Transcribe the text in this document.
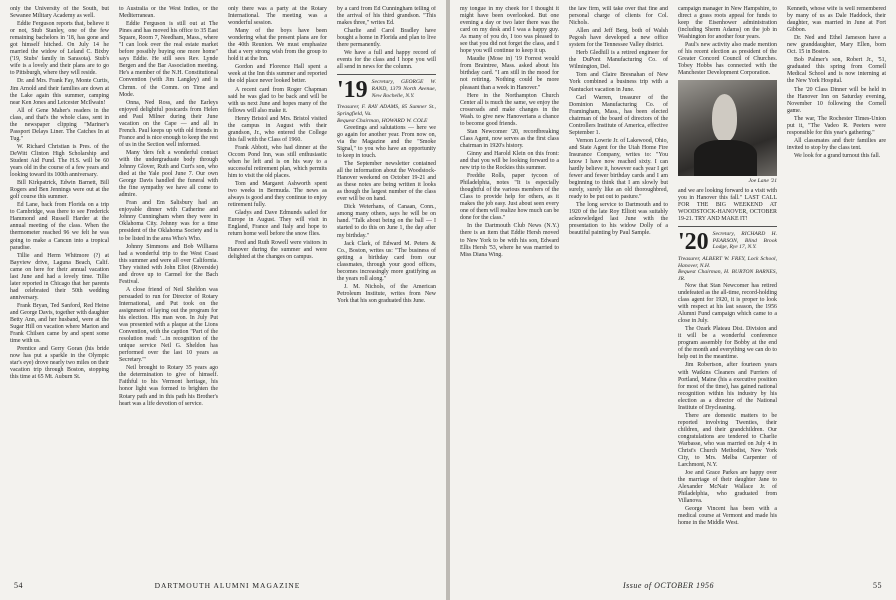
only the University of the South, but Sewanee Military Academy as well.

Eddie Ferguson reports that, believe it or not, Stub Stanley, one of the few remaining bachelors in '18, has gone and got himself hitched. On July 14 he married the widow of Leland C. Bixby ('19, Stubs' family in Sarasota). Stub's wife is a lovely and their plans are to go to Pittsburgh, where they will reside.

Dr. and Mrs. Frank Fay, Monte Curtis, Jim Arnold and their families are down at the Lake again this summer, camping near Ken Jones and Leicester McIlwain!

All of Gene Maher's readers in the class, and that's the whole class, sent in the newspaper clipping "Mariner's Passport Delays Liner. The Catches In at Tug."

W. Richard Christian is Pres. of the DeWitt Clinton High Scholarship and Student Aid Fund. The H.S. will be 60 years old in the course of a few years and looking toward its 100th anniversary.

Bill Kirkpatrick, Edwin Barnett, Bill Rogers and Ben Jennings were out at the golf course this summer.

Ed Lane, back from Florida on a trip to Cambridge, was there to see Frederick Hammond and Russell Harder at the annual meeting of the class. When the thermometer reached 96 we felt he was going to make a Cancun into a tropical paradise.

Tillie and Herm Whitmore (?) at Bayview drive, Laguna Beach, Calif. came on here for their annual vacation last June and had a lovely time. Tillie later reported in Chicago that her parents had celebrated their 50th wedding anniversary.

Frank Bryan, Ted Sanford, Red Heine and George Davis, together with daughter Betty Ann, and her husband, were at the Sugar Hill on vacation where Marion and Frank Chilsen came by and spent some time with us.

Prentice and Gerry Goran (his bride now has put a sparkle in the Olympic star's eye) drove nearly two miles on their vacation trip through Boston, stopping this time at 65 Mt. Auburn St.

to Australia or the West Indies, or the Mediterranean.

Eddie Ferguson is still out at The Pines and has moved his office to 35 East Square, Room 7, Needham, Mass., where "I can look over the real estate market before possibly buying one more home" says Eddie. He still sees Rev. Lynde Bergen and the Bar Association meeting. He's a member of the N.H. Constitutional Convention (with Jim Langley) and is Chrmn. of the Comm. on Time and Mode.

Onna, Ned Ross, and the Earleys enjoyed delightful postcards from Helen and Paul Milner during their June vacation on the Cape — and all in French. Paul keeps up with old friends in France and is nice enough to keep the rest of us in the Section well informed.

Many 'ders felt a wonderful contact with the undergraduate body through Johnny Glover, Ruth and Curt's son, who died at the Yale pool June 7. Our own George Davis handled the funeral with the fine sympathy we have all come to admire.

Fran and Em Salisbury had an enjoyable dinner with Catherine and Johnny Cunningham when they were in Oklahoma City. Johnny was for a time president of the Oklahoma Society and is to be listed in the area Who's Who.

Johnny Simmons and Bob Williams had a wonderful trip to the West Coast this summer and were all over California. They visited with John Eliot (Riverside) and drove up to Carmel for the Bach Festival.

A close friend of Neil Sheldon was persuaded to run for Director of Rotary International, and Put took on the assignment of laying out the program for his election. His man won. In July Put was presented with a plaque at the Lions Convention, with the caption "Part of the resolution read: '...in recognition of the unique service Neil G. Sheldon has performed over the last 10 years as Secretary.'"

Neil brought to Rotary 35 years ago the determination to give of himself. Faithful to his Vermont heritage, his honor light was formed to brighten the Rotary path and in this path his Brother's heart was a life devotion of service.

only there was a party at the Rotary International. The meeting was a wonderful session.

Many of the boys have been wondering what the present plans are for the 40th Reunion. We must emphasize that a very strong wish from the group to hold it at the Inn.

Gordon and Florence Hall spent a week at the Inn this summer and reported the old place never looked better.

A recent card from Roger Chapman said he was glad to be back and will be with us next June and hopes many of the fellows will also make it.

Henry Bristol and Mrs. Bristol visited the campus in August with their grandson, Jr., who entered the College this fall with the Class of 1960.

Frank Abbott, who had dinner at the Occom Pond Inn, was still enthusiastic when he left and is on his way to a successful retirement plan, which permits him to visit the old places.

Tom and Margaret Ashworth spent two weeks in Bermuda. The news as always is good and they continue to enjoy retirement fully.

Gladys and Dave Edmunds sailed for Europe in August. They will visit in England, France and Italy and hope to return home well before the snow flies.

Fred and Ruth Rowell were visitors in Hanover during the summer and were delighted at the changes on campus.

by a card from Ed Cunningham telling of the arrival of his third grandson. "This makes three," writes Ed.

Charlie and Carol Bradley have bought a home in Florida and plan to live there permanently.

We have a full and happy record of events for the class and I hope you will all send in news for the column.

'19 Secretary, GEORGE W. RAND, 1379 North Avenue, New Rochelle, N.Y.
Treasurer, F. RAY ADAMS, 85 Sumner St., Springfield, Va.
Bequest Chairman, HOWARD W. COLE

Greetings and salutations — here we go again for another year. From now on, via the Magazine and the "Smoke Signal," to you who have an opportunity to keep in touch.

The September newsletter contained all the information about the Woodstock-Hanover weekend on October 19-21 and as these notes are being written it looks as though the largest number of the class ever will be on hand.

Dick Weterhans, of Canaan, Conn., among many others, says he will be on hand. "Talk about being on the ball — I started to do this on June 1, the day after my birthday."

Jack Clark, of Edward M. Peters & Co., Boston, writes us: "The business of getting a birthday card from our classmates, through your good offices, becomes increasingly more gratifying as the years roll along."

J. M. Nichols, of the American Petroleum Institute, writes from New York that his son graduated this June.

54	DARTMOUTH ALUMNI MAGAZINE

my tongue in my cheek for I thought it might have been overlooked. But one evening a day or two later there was the card on my desk and I was a happy guy. As many of you do, I too was pleased to see that you did not forget the class, and I hope you will continue to keep it up.

Maudie (Mose in) '19 Forrest would from Braintree, Mass. asked about his birthday card. "I am still in the mood for not retiring. Nothing could be more pleasant than a week in Hanover."

Here in the Northampton Church Center all is much the same, we enjoy the crossroads and make changes in the Wash. to give new Hanoverians a chance to become good friends.

Stan Newcomer '20, recordbreaking Class Agent, now serves as the first class chairman in 1920's history.

Ginny and Harold Klein on this front: and that you will be looking forward to a new trip to the Rockies this summer.

Freddie Rolls, paper tycoon of Philadelphia, notes "It is especially thoughtful of the various members of the Class to provide help for others, as it makes the job easy. Just about seen every one of them will realize how much can be done for the class."

In the Dartmouth Club News (N.Y.) there is an item that Eddie Hersh moved to New York to be with his son, Edward Ellis Hersh '53, where he was married to Miss Diana Wing.

the law firm, will take over that fine and personal charge of clients for Col. Nichols.

Allen and Jeff Berg, both of Walsh Pegosh have developed a new office system for the Tennessee Valley district.

Herb Gledhill is a retired engineer for the DuPont Manufacturing Co. of Wilmington, Del.

Tom and Claire Bresnahan of New York combined a business trip with a Nantucket vacation in June.

Carl Warren, treasurer of the Dominion Manufacturing Co. of Framingham, Mass., has been elected chairman of the board of directors of the Controllers Institute of America, effective September 1.

Vernon Lowrie Jr. of Lakewood, Ohio, and State Agent for the Utah Home Fire Insurance Company, writes to: "You know I have now reached sixty. I can hardly believe it, however each year I get fewer and fewer birthday cards and I am beginning to think that I am slowly but surely, surely like an old thoroughbred, ready to be put out to pasture."

The long service to Dartmouth and to 1920 of the late Roy Elliott was suitably acknowledged last June with the presentation to his widow Dolly of a beautiful painting by Paul Sample.

campaign manager in New Hampshire, to direct a grass roots appeal for funds to keep the Eisenhower administration (including Sherm Adams) on the job in Washington for another four years.

Paul's new activity also made mention of his recent election as president of the Greater Concord Council of Churches. Tobey Hobbs has connected with the Manchester Development Corporation.

Joe Lane '21

and we are looking forward to a visit with you in Hanover this fall." LAST CALL FOR THE BIG WEEKEND AT WOODSTOCK-HANOVER, OCTOBER 19-21. TRY AND MAKE IT!

'20 Secretary, RICHARD H. PEARSON, Blind Brook Lodge, Rye 17, N.Y.
Treasurer, ALBERT W. FREY, Lock School, Hanover, N.H.
Bequest Chairman, H. BURTON BARNES, JR.

Now that Stan Newcomer has retired undefeated as the all-time, record-holding class agent for 1920, it is proper to look with respect at his last season, the 1956 Alumni Fund campaign which came to a close in July.

The Ozark Plateau Dist. Division and it will be a wonderful conference program assembly for Bobby at the end of the month and everything we can do to help out in the meantime.

Jim Robertson, after fourteen years with Watkins Cleaners and Furriers of Portland, Maine (his a executive position for most of the time), has gained national recognition within his industry by his election as a director of the National Institute of Drycleaning.

There are domestic matters to be reported involving Twenties, their children, and their grandchildren. Our congratulations are tendered to Charlie Warbasse, who was married on July 4 in Christ's Church Methodist, New York City, to Mrs. Melba Carpenter of Larchmont, N.Y.

Joe and Grace Parkes are happy over the marriage of their daughter Jane to Alexander McNair Wallace Jr. of Philadelphia, who graduated from Villanova.

George Vincent has been with a medical course at Vermont and made his home in the Middle West.

Kenneth, whose wife is well remembered by many of us as Dale Haddock, their daughter, was married in June at Fort Gibbon.

Dr. Ned and Ethel Jameson have a new granddaughter, Mary Ellen, born Oct. 15 in Boston.

Bob Palmer's son, Robert Jr., '51, graduated this spring from Cornell Medical School and is now interning at the New York Hospital.

The '20 Class Dinner will be held in the Hanover Inn on Saturday evening, November 10 following the Cornell game.

The war, The Rochester Times-Union put it, "The Vadeo R. Peeters were responsible for this year's gathering."

All classmates and their families are invited to stop by the class tent.

We look for a grand turnout this fall.

Issue of OCTOBER 1956	55
